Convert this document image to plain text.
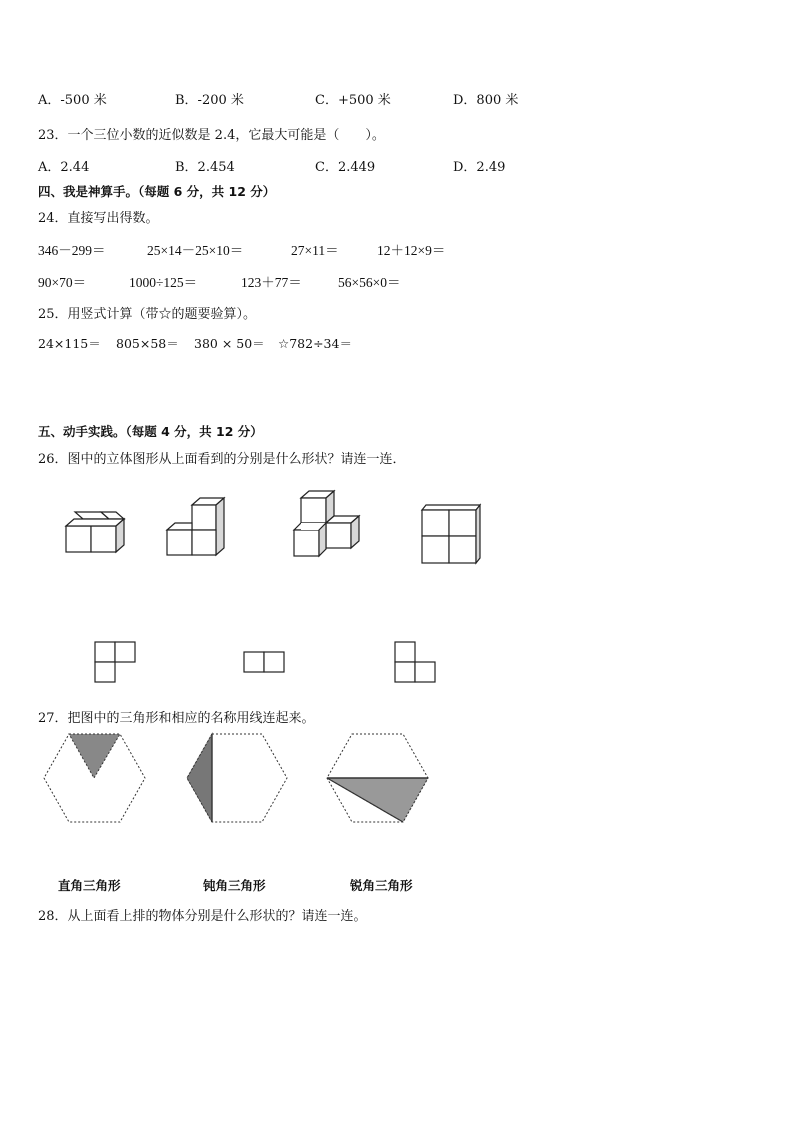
A．-500 米	B．-200 米	C．+500 米	D．800 米
23．一个三位小数的近似数是 2.4，它最大可能是（　　）。
A．2.44	B．2.454	C．2.449	D．2.49
四、我是神算手。（每题 6 分，共 12 分）
24．直接写出得数。
346－299＝	25×14－25×10＝	27×11＝	12＋12×9＝
90×70＝	1000÷125＝	123＋77＝	56×56×0＝
25．用竖式计算（带☆的题要验算）。
24×115＝ 805×58＝ 380 × 50＝ ☆782÷34＝
五、动手实践。（每题 4 分，共 12 分）
26．图中的立体图形从上面看到的分别是什么形状？请连一连．
27．把图中的三角形和相应的名称用线连起来。
直角三角形	钝角三角形	锐角三角形
28．从上面看上排的物体分别是什么形状的？请连一连。
